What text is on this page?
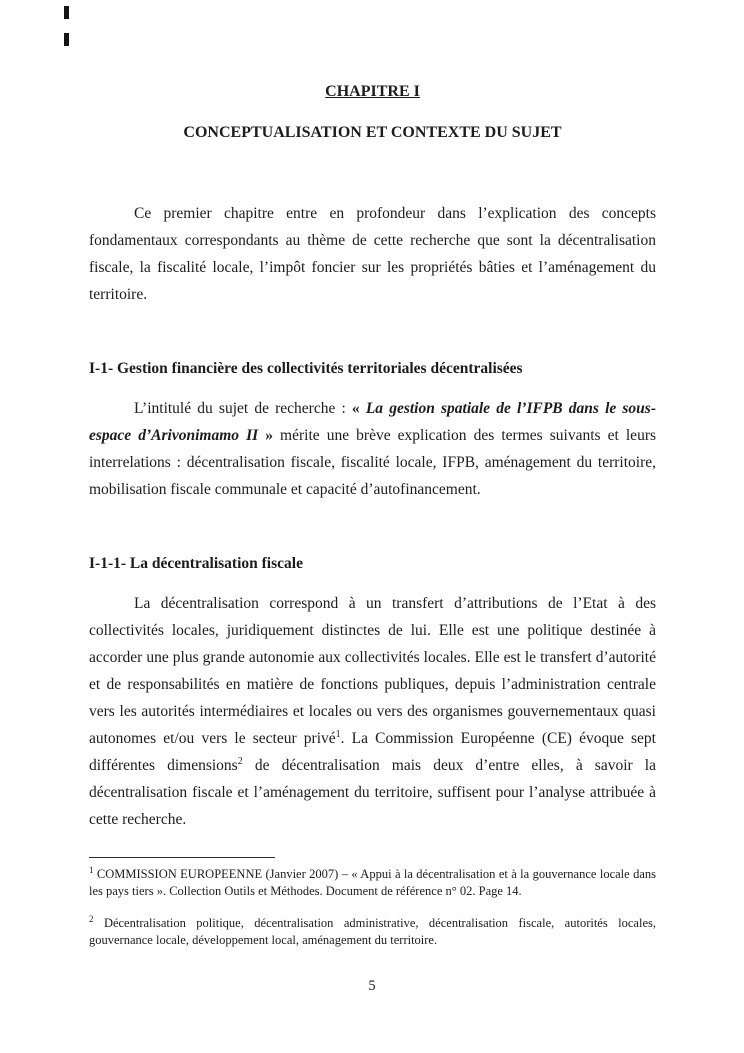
CHAPITRE I
CONCEPTUALISATION ET CONTEXTE DU SUJET

Ce premier chapitre entre en profondeur dans l’explication des concepts fondamentaux correspondants au thème de cette recherche que sont la décentralisation fiscale, la fiscalité locale, l’impôt foncier sur les propriétés bâties et l’aménagement du territoire.

I-1- Gestion financière des collectivités territoriales décentralisées

L’intitulé du sujet de recherche : « La gestion spatiale de l’IFPB dans le sous-espace d’Arivonimamo II » mérite une brève explication des termes suivants et leurs interrelations : décentralisation fiscale, fiscalité locale, IFPB, aménagement du territoire, mobilisation fiscale communale et capacité d’autofinancement.

I-1-1- La décentralisation fiscale

La décentralisation correspond à un transfert d’attributions de l’Etat à des collectivités locales, juridiquement distinctes de lui. Elle est une politique destinée à accorder une plus grande autonomie aux collectivités locales. Elle est le transfert d’autorité et de responsabilités en matière de fonctions publiques, depuis l’administration centrale vers les autorités intermédiaires et locales ou vers des organismes gouvernementaux quasi autonomes et/ou vers le secteur privé$^1$. La Commission Européenne (CE) évoque sept différentes dimensions$^2$ de décentralisation mais deux d’entre elles, à savoir la décentralisation fiscale et l’aménagement du territoire, suffisent pour l’analyse attribuée à cette recherche.

$^1$ COMMISSION EUROPEENNE (Janvier 2007) – « Appui à la décentralisation et à la gouvernance locale dans les pays tiers ». Collection Outils et Méthodes. Document de référence n° 02. Page 14.

$^2$ Décentralisation politique, décentralisation administrative, décentralisation fiscale, autorités locales, gouvernance locale, développement local, aménagement du territoire.

5
